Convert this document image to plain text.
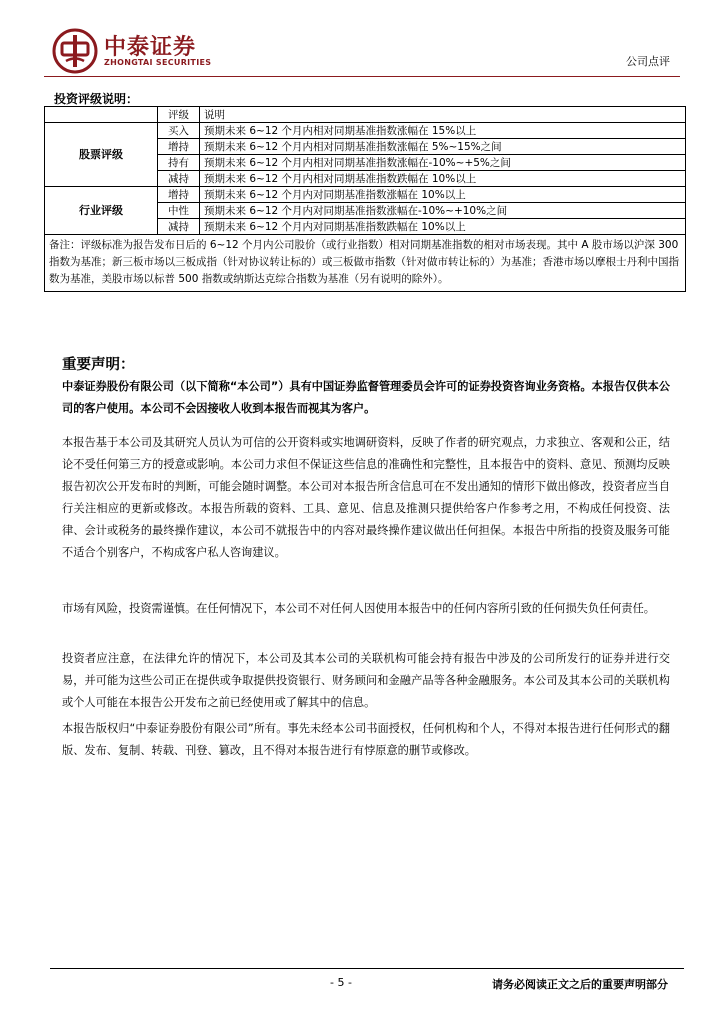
中泰证券
ZHONGTAI SECURITIES	公司点评
投资评级说明：
	评级	说明
股票评级	买入	预期未来 6~12 个月内相对同期基准指数涨幅在 15%以上
	增持	预期未来 6~12 个月内相对同期基准指数涨幅在 5%~15%之间
	持有	预期未来 6~12 个月内相对同期基准指数涨幅在-10%~+5%之间
	减持	预期未来 6~12 个月内相对同期基准指数跌幅在 10%以上
行业评级	增持	预期未来 6~12 个月内对同期基准指数涨幅在 10%以上
	中性	预期未来 6~12 个月内对同期基准指数涨幅在-10%~+10%之间
	减持	预期未来 6~12 个月内对同期基准指数跌幅在 10%以上
备注：评级标准为报告发布日后的 6~12 个月内公司股价（或行业指数）相对同期基准指数的相对市场表现。其中 A 股市场以沪深 300 指数为基准；新三板市场以三板成指（针对协议转让标的）或三板做市指数（针对做市转让标的）为基准；香港市场以摩根士丹利中国指数为基准，美股市场以标普 500 指数或纳斯达克综合指数为基准（另有说明的除外）。		
重要声明：
中泰证券股份有限公司（以下简称“本公司”）具有中国证券监督管理委员会许可的证券投资咨询业务资格。本报告仅供本公司的客户使用。本公司不会因接收人收到本报告而视其为客户。
本报告基于本公司及其研究人员认为可信的公开资料或实地调研资料，反映了作者的研究观点，力求独立、客观和公正，结论不受任何第三方的授意或影响。本公司力求但不保证这些信息的准确性和完整性，且本报告中的资料、意见、预测均反映报告初次公开发布时的判断，可能会随时调整。本公司对本报告所含信息可在不发出通知的情形下做出修改，投资者应当自行关注相应的更新或修改。本报告所载的资料、工具、意见、信息及推测只提供给客户作参考之用，不构成任何投资、法律、会计或税务的最终操作建议，本公司不就报告中的内容对最终操作建议做出任何担保。本报告中所指的投资及服务可能不适合个别客户，不构成客户私人咨询建议。
市场有风险，投资需谨慎。在任何情况下，本公司不对任何人因使用本报告中的任何内容所引致的任何损失负任何责任。
投资者应注意，在法律允许的情况下，本公司及其本公司的关联机构可能会持有报告中涉及的公司所发行的证券并进行交易，并可能为这些公司正在提供或争取提供投资银行、财务顾问和金融产品等各种金融服务。本公司及其本公司的关联机构或个人可能在本报告公开发布之前已经使用或了解其中的信息。
本报告版权归“中泰证券股份有限公司”所有。事先未经本公司书面授权，任何机构和个人，不得对本报告进行任何形式的翻版、发布、复制、转载、刊登、篡改，且不得对本报告进行有悖原意的删节或修改。
- 5 -	请务必阅读正文之后的重要声明部分
